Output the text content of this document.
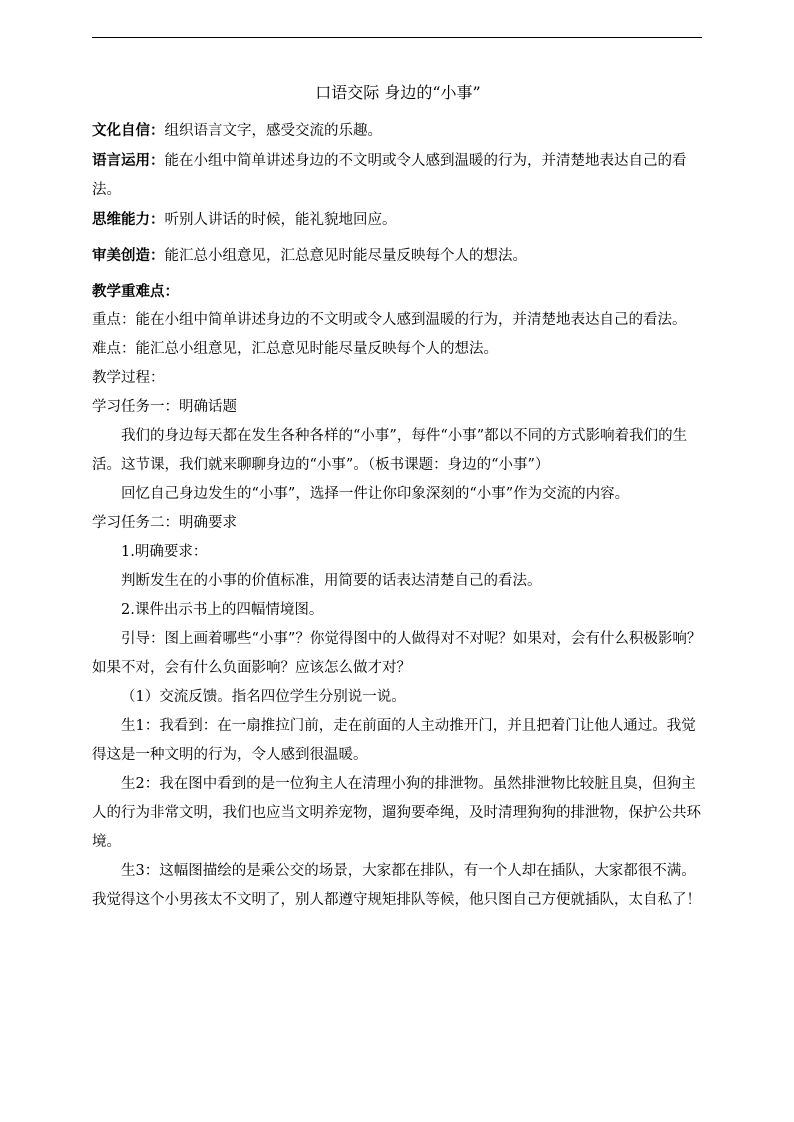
口语交际 身边的“小事”

文化自信：组织语言文字，感受交流的乐趣。

语言运用：能在小组中简单讲述身边的不文明或令人感到温暖的行为，并清楚地表达自己的看法。

思维能力：听别人讲话的时候，能礼貌地回应。

审美创造：能汇总小组意见，汇总意见时能尽量反映每个人的想法。

教学重难点：

重点：能在小组中简单讲述身边的不文明或令人感到温暖的行为，并清楚地表达自己的看法。

难点：能汇总小组意见，汇总意见时能尽量反映每个人的想法。

教学过程：

学习任务一：明确话题

我们的身边每天都在发生各种各样的“小事”，每件“小事”都以不同的方式影响着我们的生活。这节课，我们就来聊聊身边的“小事”。（板书课题：身边的“小事”）

回忆自己身边发生的“小事”，选择一件让你印象深刻的“小事”作为交流的内容。

学习任务二：明确要求

1.明确要求：

判断发生在的小事的价值标准，用简要的话表达清楚自己的看法。

2.课件出示书上的四幅情境图。

引导：图上画着哪些“小事”？你觉得图中的人做得对不对呢？如果对，会有什么积极影响？如果不对，会有什么负面影响？应该怎么做才对？

（1）交流反馈。指名四位学生分别说一说。

生1：我看到：在一扇推拉门前，走在前面的人主动推开门，并且把着门让他人通过。我觉得这是一种文明的行为，令人感到很温暖。

生2：我在图中看到的是一位狗主人在清理小狗的排泄物。虽然排泄物比较脏且臭，但狗主人的行为非常文明，我们也应当文明养宠物，遛狗要牵绳，及时清理狗狗的排泄物，保护公共环境。

生3：这幅图描绘的是乘公交的场景，大家都在排队，有一个人却在插队，大家都很不满。我觉得这个小男孩太不文明了，别人都遵守规矩排队等候，他只图自己方便就插队，太自私了！
